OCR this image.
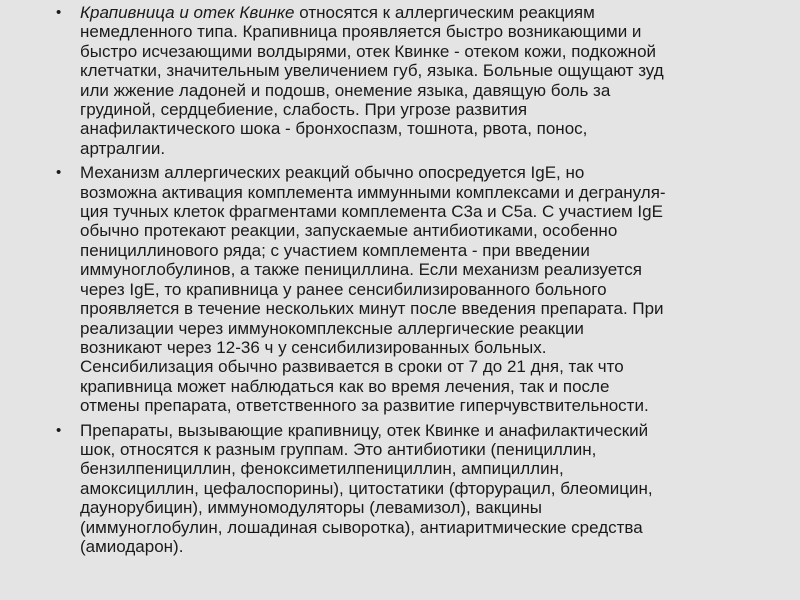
• Крапивница и отек Квинке относятся к аллергическим реакциям
немедленного типа. Крапивница проявляется быстро возникающими и
быстро исчезающими волдырями, отек Квинке - отеком кожи, подкожной
клетчатки, значительным увеличением губ, языка. Больные ощущают зуд
или жжение ладоней и подошв, онемение языка, давящую боль за
грудиной, сердцебиение, слабость. При угрозе развития
анафилактического шока - бронхоспазм, тошнота, рвота, понос,
артралгии.
• Механизм аллергических реакций обычно опосредуется IgE, но
возможна активация комплемента иммунными комплексами и дегрануля-
ция тучных клеток фрагментами комплемента C3a и C5a. С участием IgE
обычно протекают реакции, запускаемые антибиотиками, особенно
пенициллинового ряда; с участием комплемента - при введении
иммуноглобулинов, а также пенициллина. Если механизм реализуется
через IgE, то крапивница у ранее сенсибилизированного больного
проявляется в течение нескольких минут после введения препарата. При
реализации через иммунокомплексные аллергические реакции
возникают через 12-36 ч у сенсибилизированных больных.
Сенсибилизация обычно развивается в сроки от 7 до 21 дня, так что
крапивница может наблюдаться как во время лечения, так и после
отмены препарата, ответственного за развитие гиперчувствительности.
• Препараты, вызывающие крапивницу, отек Квинке и анафилактический
шок, относятся к разным группам. Это антибиотики (пенициллин,
бензилпенициллин, феноксиметилпенициллин, ампициллин,
амоксициллин, цефалоспорины), цитостатики (фторурацил, блеомицин,
даунорубицин), иммуномодуляторы (левамизол), вакцины
(иммуноглобулин, лошадиная сыворотка), антиаритмические средства
(амиодарон).
